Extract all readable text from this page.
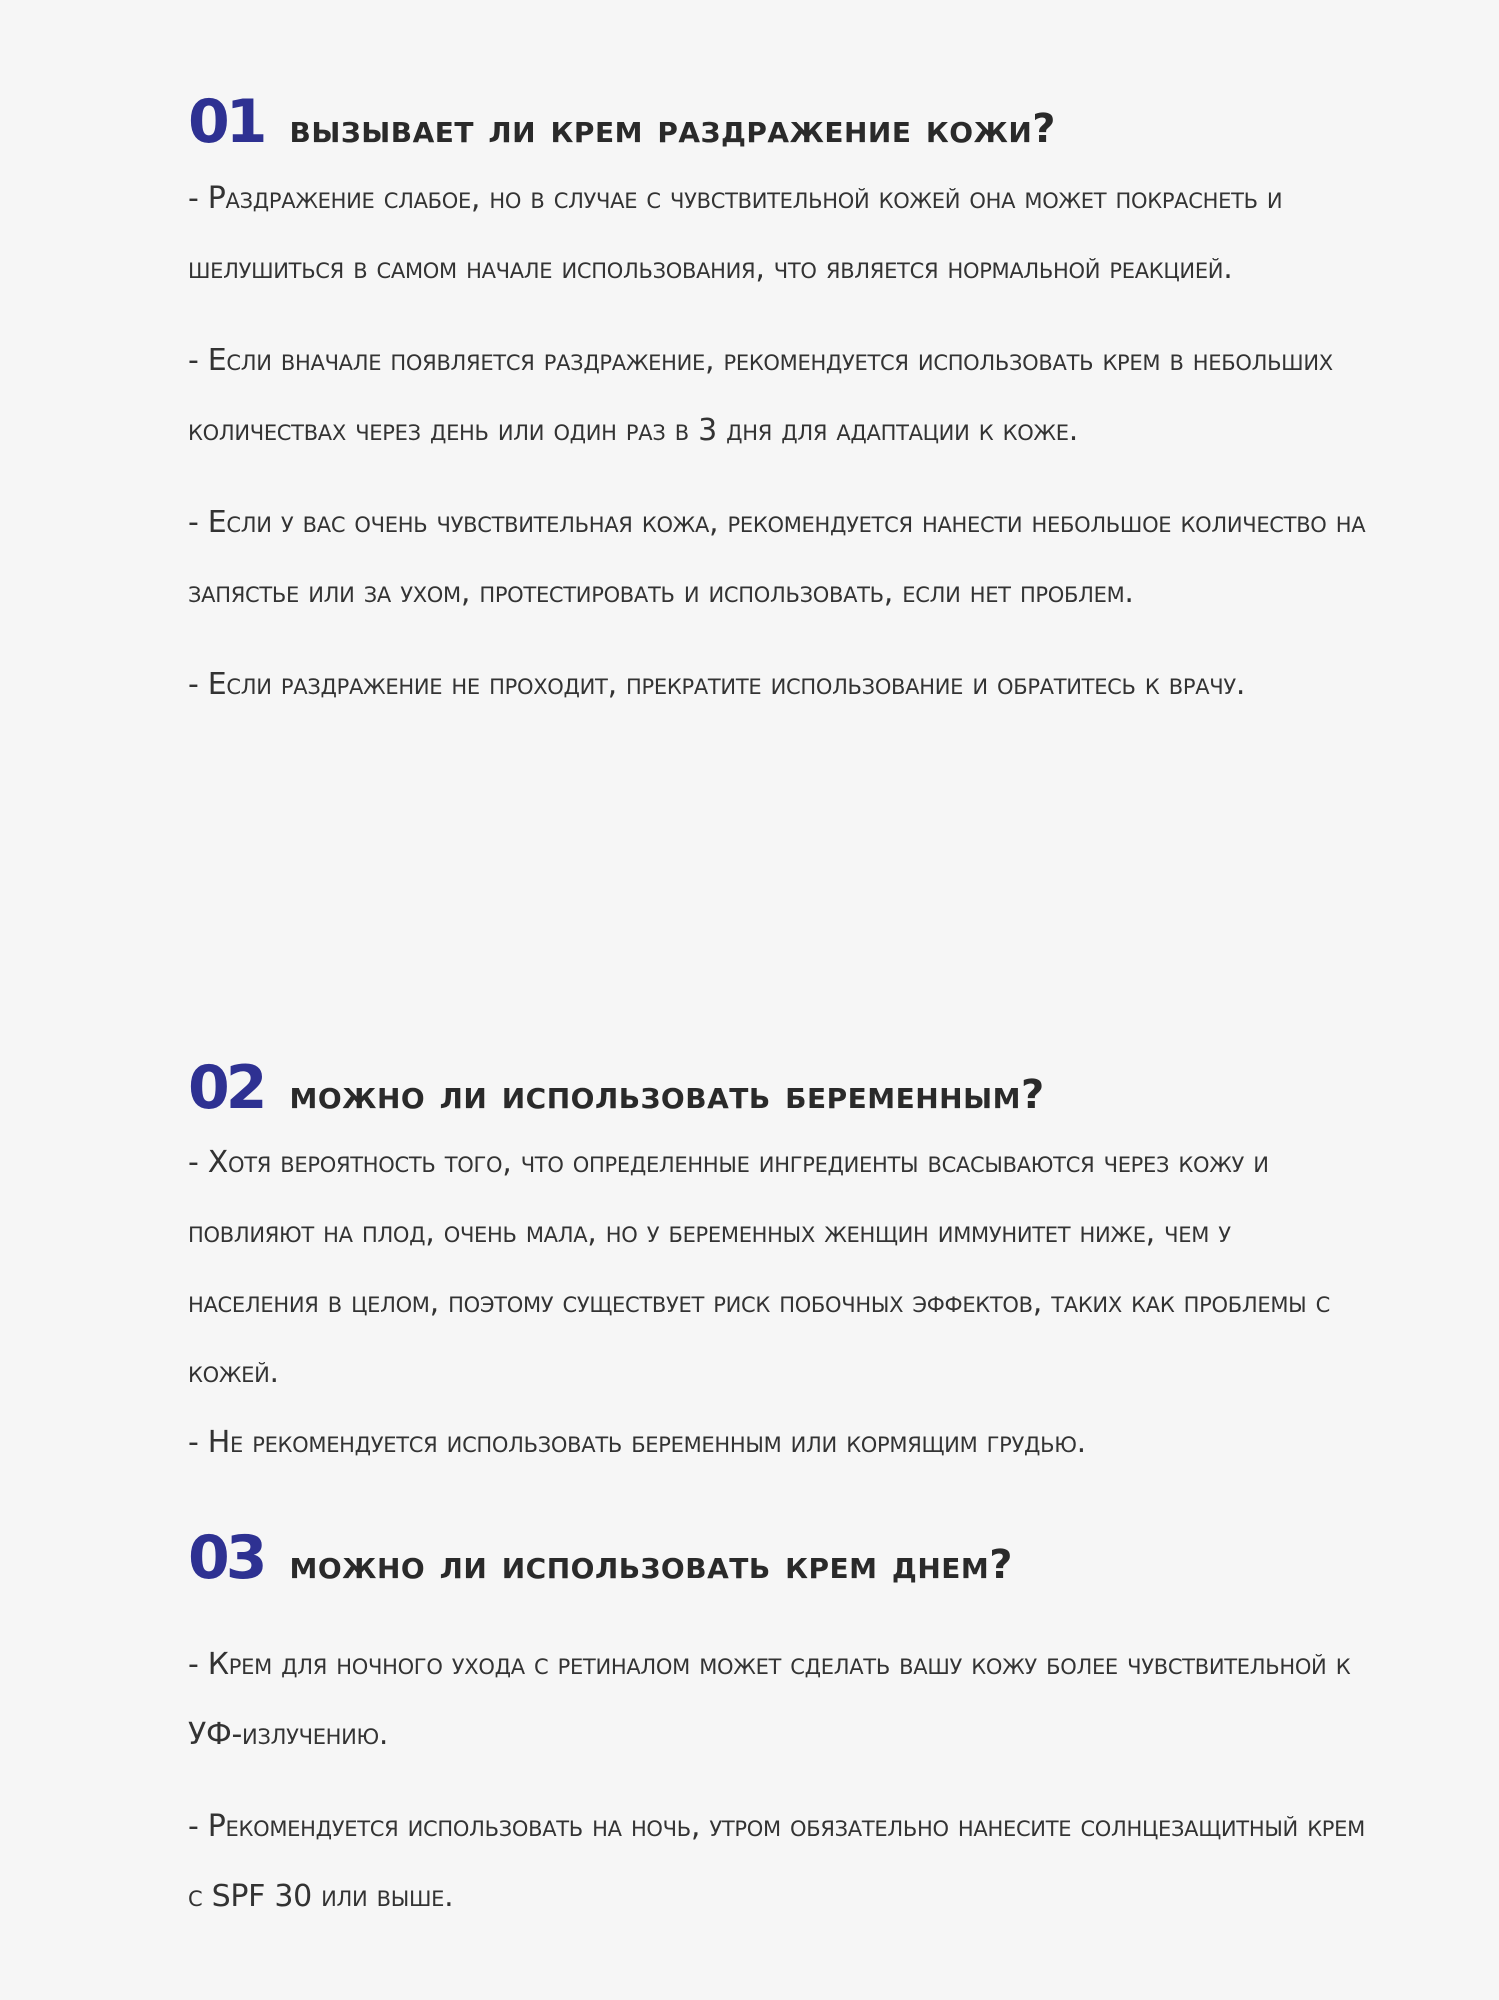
01 вызывает ли крем раздражение кожи?

- Раздражение слабое, но в случае с чувствительной кожей она может покраснеть и шелушиться в самом начале использования, что является нормальной реакцией.

- Если вначале появляется раздражение, рекомендуется использовать крем в небольших количествах через день или один раз в 3 дня для адаптации к коже.

- Если у вас очень чувствительная кожа, рекомендуется нанести небольшое количество на запястье или за ухом, протестировать и использовать, если нет проблем.

- Если раздражение не проходит, прекратите использование и обратитесь к врачу.

02 можно ли использовать беременным?

- Хотя вероятность того, что определенные ингредиенты всасываются через кожу и повлияют на плод, очень мала, но у беременных женщин иммунитет ниже, чем у населения в целом, поэтому существует риск побочных эффектов, таких как проблемы с кожей.

- Не рекомендуется использовать беременным или кормящим грудью.

03 можно ли использовать крем днем?

- Крем для ночного ухода с ретиналом может сделать вашу кожу более чувствительной к УФ-излучению.

- Рекомендуется использовать на ночь, утром обязательно нанесите солнцезащитный крем с SPF 30 или выше.
